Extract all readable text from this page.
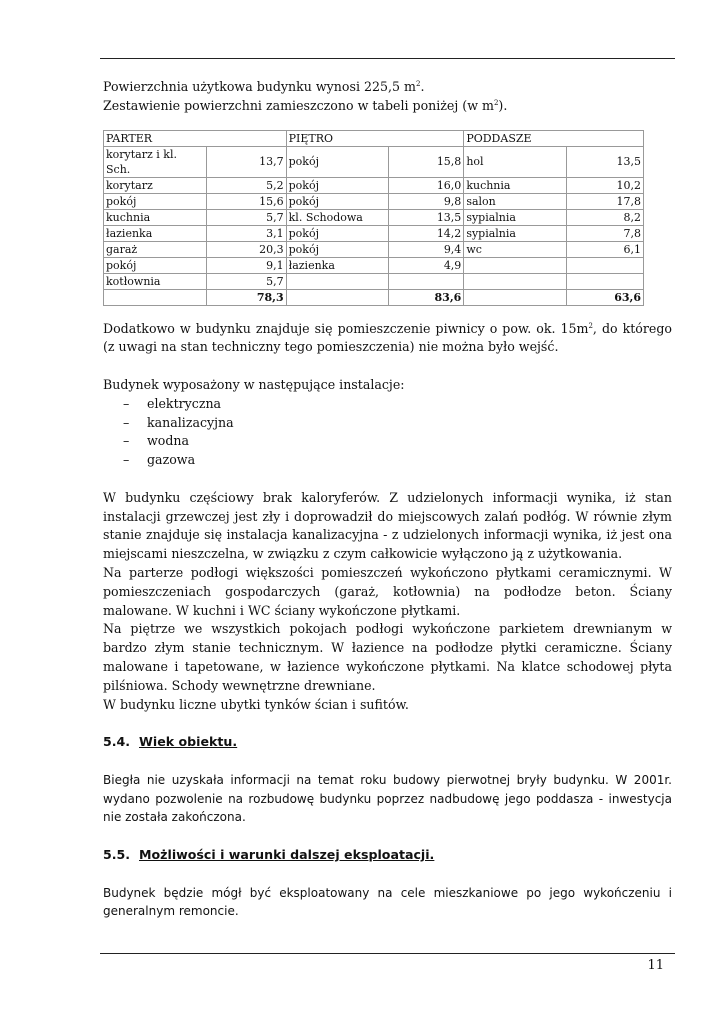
Powierzchnia użytkowa budynku wynosi 225,5 $m^2$.

Zestawienie powierzchni zamieszczono w tabeli poniżej (w $m^2$).

PARTER		PIĘTRO		PODDASZE	
korytarz i kl. Sch.	13,7	pokój	15,8	hol	13,5
korytarz	5,2	pokój	16,0	kuchnia	10,2
pokój	15,6	pokój	9,8	salon	17,8
kuchnia	5,7	kl. Schodowa	13,5	sypialnia	8,2
łazienka	3,1	pokój	14,2	sypialnia	7,8
garaż	20,3	pokój	9,4	wc	6,1
pokój	9,1	łazienka	4,9		
kotłownia	5,7				
	78,3		83,6		63,6

Dodatkowo w budynku znajduje się pomieszczenie piwnicy o pow. ok. $15m^2$, do którego (z uwagi na stan techniczny tego pomieszczenia) nie można było wejść.

Budynek wyposażony w następujące instalacje:

– elektryczna
– kanalizacyjna
– wodna
– gazowa

W budynku częściowy brak kaloryferów. Z udzielonych informacji wynika, iż stan instalacji grzewczej jest zły i doprowadził do miejscowych zalań podłóg. W równie złym stanie znajduje się instalacja kanalizacyjna - z udzielonych informacji wynika, iż jest ona miejscami nieszczelna, w związku z czym całkowicie wyłączono ją z użytkowania.

Na parterze podłogi większości pomieszczeń wykończono płytkami ceramicznymi. W pomieszczeniach gospodarczych (garaż, kotłownia) na podłodze beton. Ściany malowane. W kuchni i WC ściany wykończone płytkami.

Na piętrze we wszystkich pokojach podłogi wykończone parkietem drewnianym w bardzo złym stanie technicznym. W łazience na podłodze płytki ceramiczne. Ściany malowane i tapetowane, w łazience wykończone płytkami. Na klatce schodowej płyta pilśniowa. Schody wewnętrzne drewniane.

W budynku liczne ubytki tynków ścian i sufitów.

5.4. Wiek obiektu.

Biegła nie uzyskała informacji na temat roku budowy pierwotnej bryły budynku. W 2001r. wydano pozwolenie na rozbudowę budynku poprzez nadbudowę jego poddasza - inwestycja nie została zakończona.

5.5. Możliwości i warunki dalszej eksploatacji.

Budynek będzie mógł być eksploatowany na cele mieszkaniowe po jego wykończeniu i generalnym remoncie.

11
